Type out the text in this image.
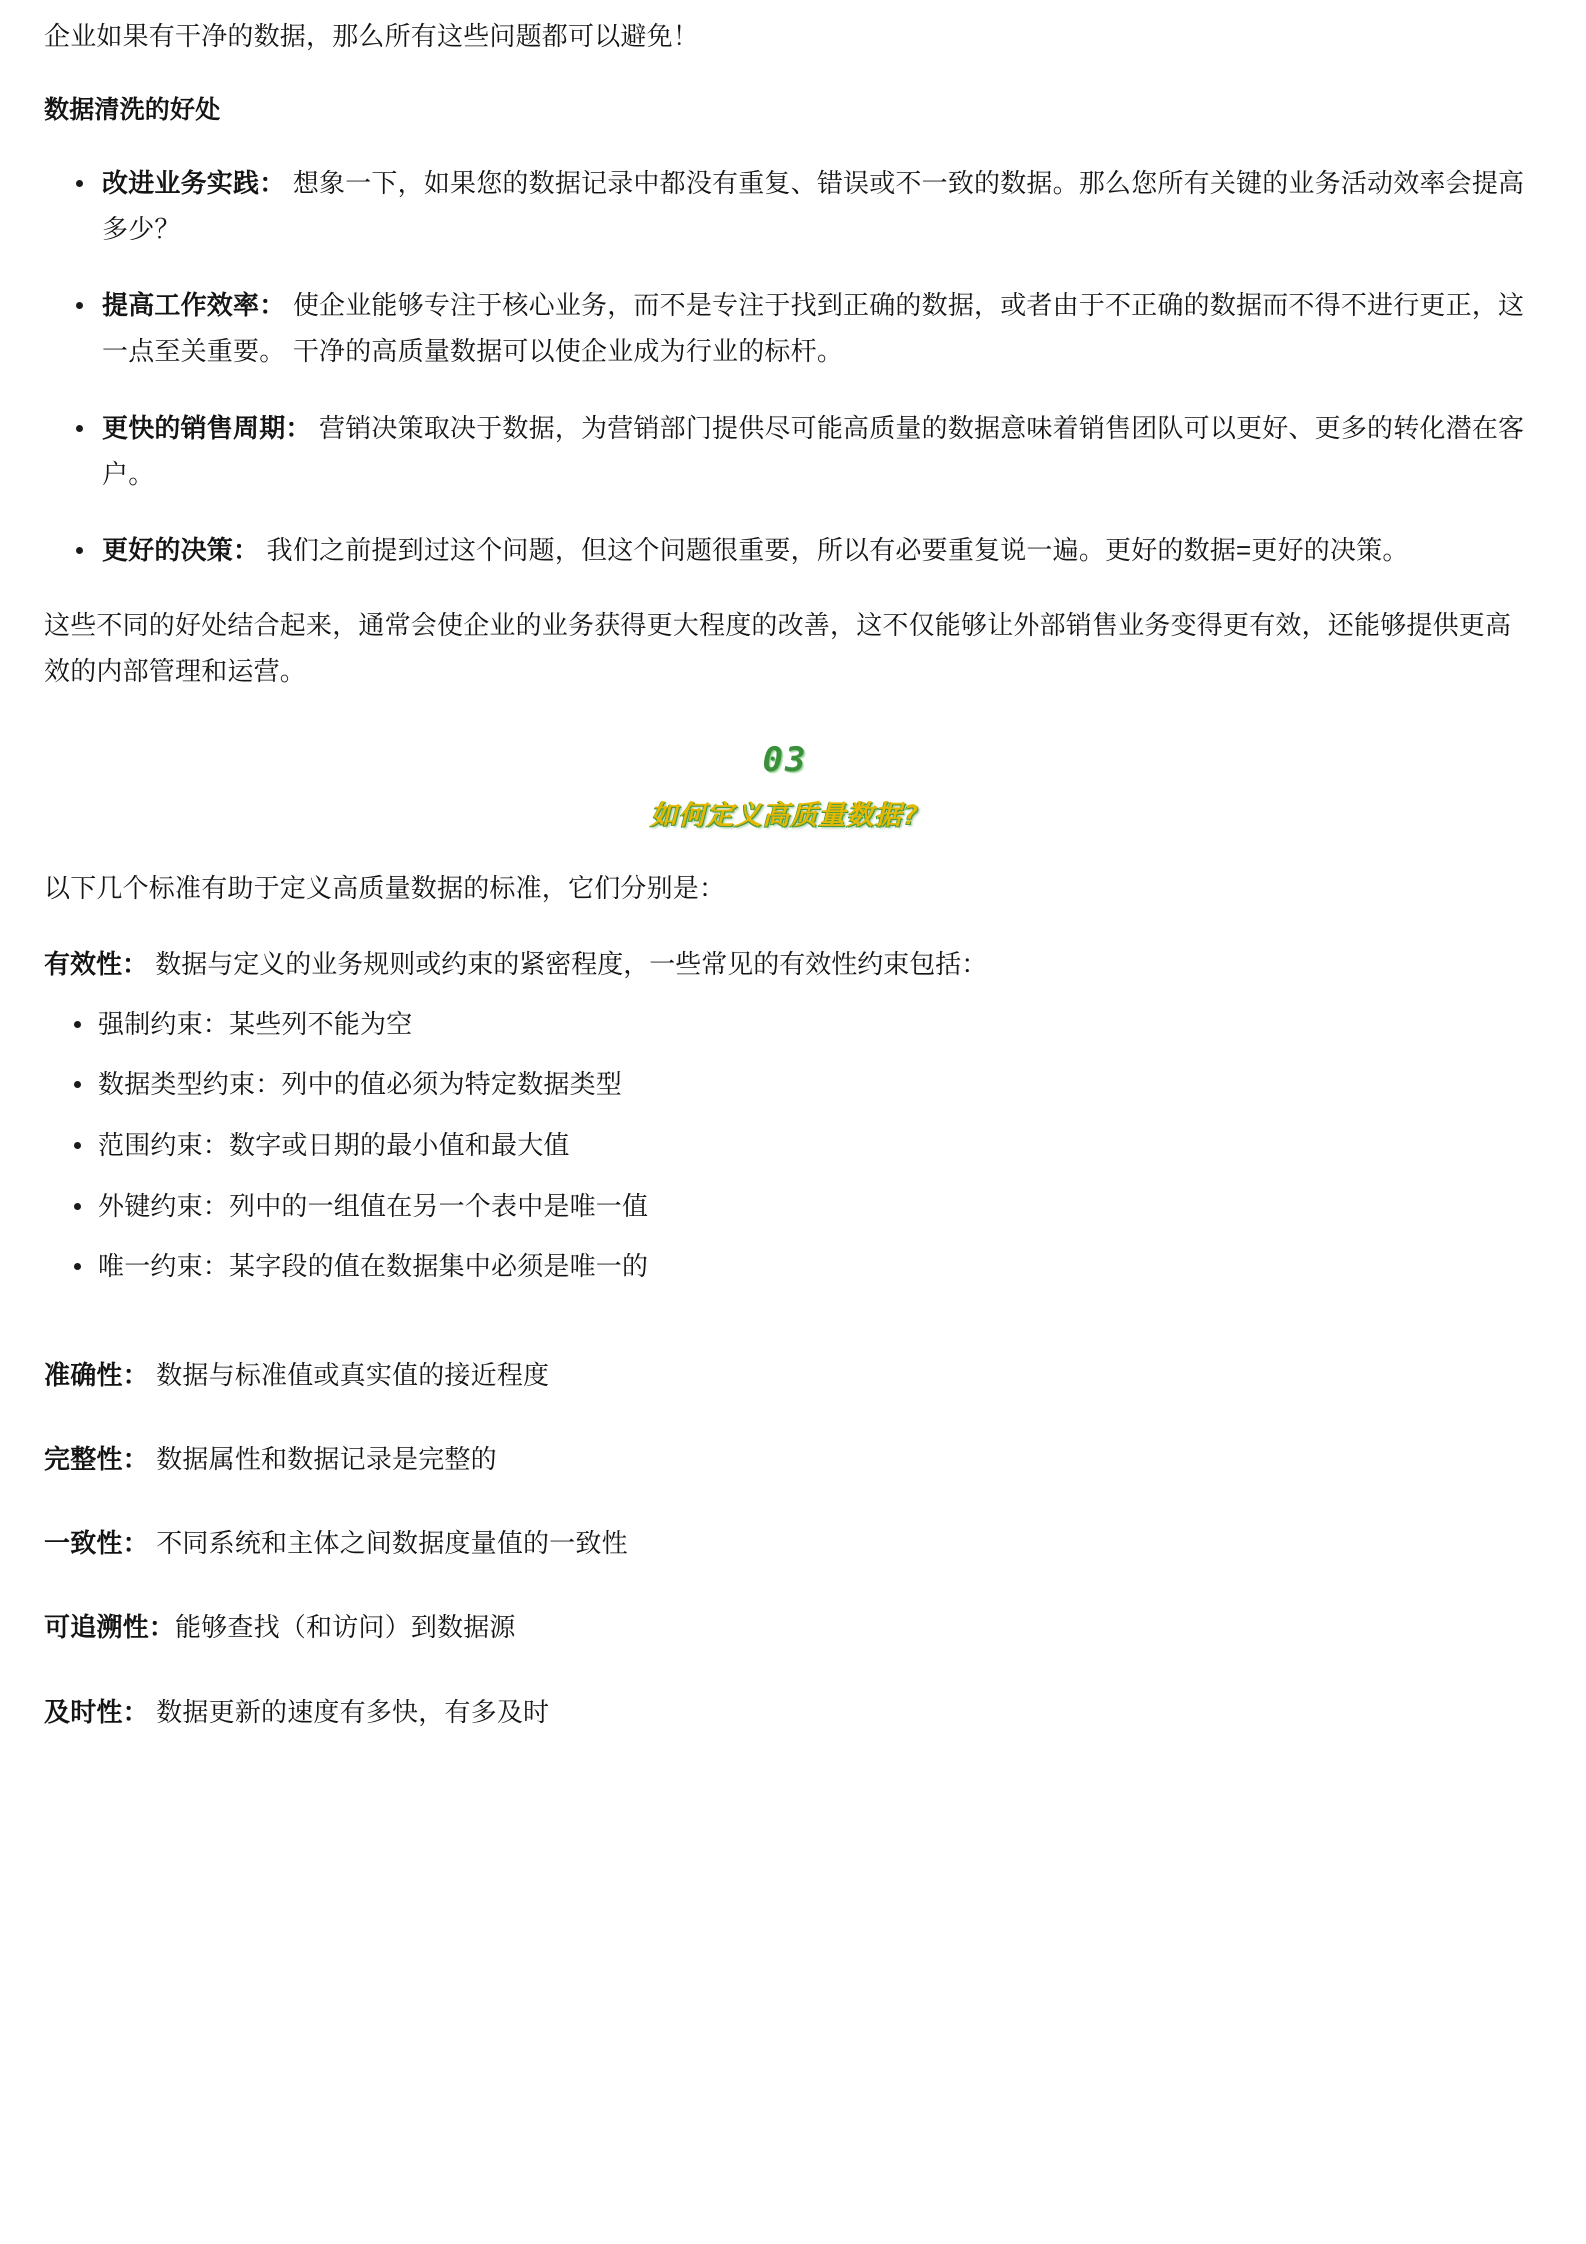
企业如果有干净的数据，那么所有这些问题都可以避免！

数据清洗的好处
改进业务实践： 想象一下，如果您的数据记录中都没有重复、错误或不一致的数据。那么您所有关键的业务活动效率会提高多少？
提高工作效率： 使企业能够专注于核心业务，而不是专注于找到正确的数据，或者由于不正确的数据而不得不进行更正，这一点至关重要。 干净的高质量数据可以使企业成为行业的标杆。
更快的销售周期： 营销决策取决于数据，为营销部门提供尽可能高质量的数据意味着销售团队可以更好、更多的转化潜在客户。
更好的决策： 我们之前提到过这个问题，但这个问题很重要，所以有必要重复说一遍。更好的数据=更好的决策。

这些不同的好处结合起来，通常会使企业的业务获得更大程度的改善，这不仅能够让外部销售业务变得更有效，还能够提供更高效的内部管理和运营。

03
如何定义高质量数据?

以下几个标准有助于定义高质量数据的标准，它们分别是：

有效性： 数据与定义的业务规则或约束的紧密程度，一些常见的有效性约束包括：

强制约束：某些列不能为空
数据类型约束：列中的值必须为特定数据类型
范围约束：数字或日期的最小值和最大值
外键约束：列中的一组值在另一个表中是唯一值
唯一约束：某字段的值在数据集中必须是唯一的

准确性： 数据与标准值或真实值的接近程度

完整性： 数据属性和数据记录是完整的

一致性： 不同系统和主体之间数据度量值的一致性

可追溯性：能够查找（和访问）到数据源

及时性： 数据更新的速度有多快，有多及时
